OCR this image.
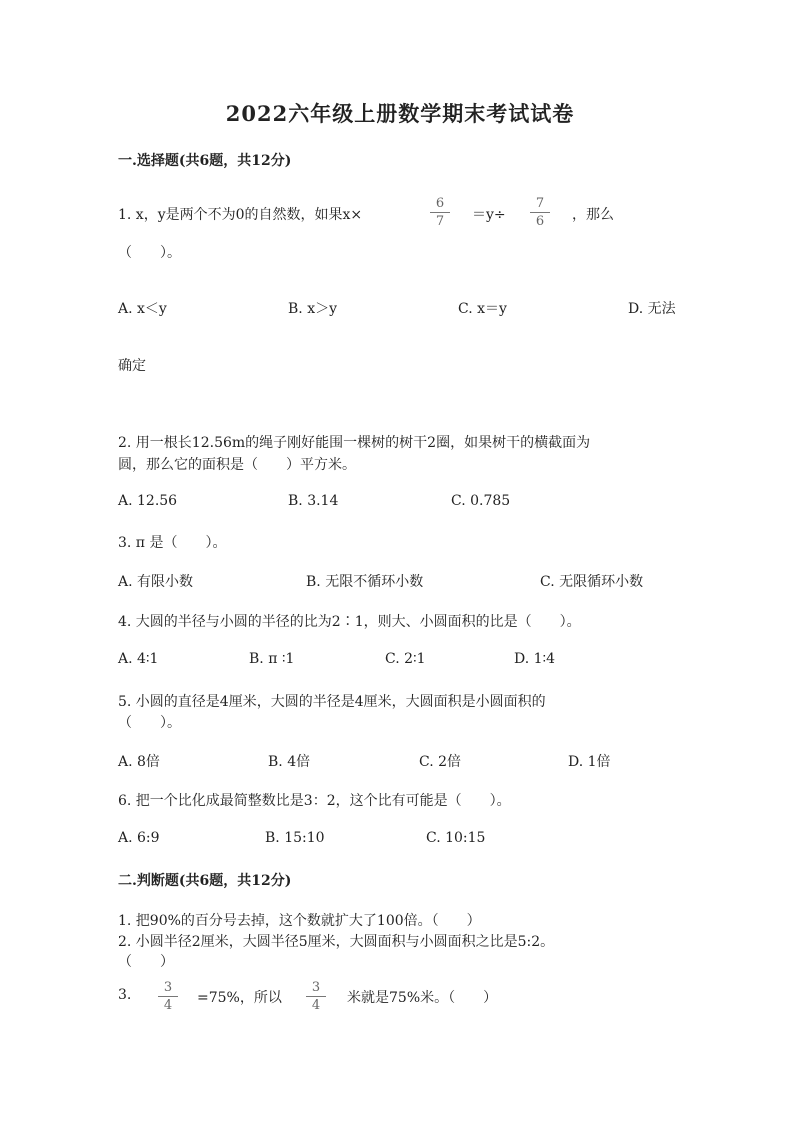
2022六年级上册数学期末考试试卷
一.选择题(共6题，共12分)
1. x，y是两个不为0的自然数，如果x×	$\frac{6}{7} =y\div \frac{7}{6}$ ，那么
（　　）。
A. x＜y	B. x＞y	C. x＝y	D. 无法
确定
2. 用一根长12.56m的绳子刚好能围一棵树的树干2圈，如果树干的横截面为
圆，那么它的面积是（　　）平方米。
A. 12.56	B. 3.14	C. 0.785
3. π 是（　　）。
A. 有限小数	B. 无限不循环小数	C. 无限循环小数
4. 大圆的半径与小圆的半径的比为2∶1，则大、小圆面积的比是（　　）。
A. 4∶1	B. π ∶1	C. 2∶1	D. 1∶4
5. 小圆的直径是4厘米，大圆的半径是4厘米，大圆面积是小圆面积的
（　　）。
A. 8倍	B. 4倍	C. 2倍	D. 1倍
6. 把一个比化成最简整数比是3：2，这个比有可能是（　　）。
A. 6:9	B. 15:10	C. 10:15
二.判断题(共6题，共12分)
1. 把90%的百分号去掉，这个数就扩大了100倍。（　　）
2. 小圆半径2厘米，大圆半径5厘米，大圆面积与小圆面积之比是5:2。
（　　）
3. $\frac{3}{4} =75\%$，所以 $\frac{3}{4}$ 米就是75%米。（　　）
